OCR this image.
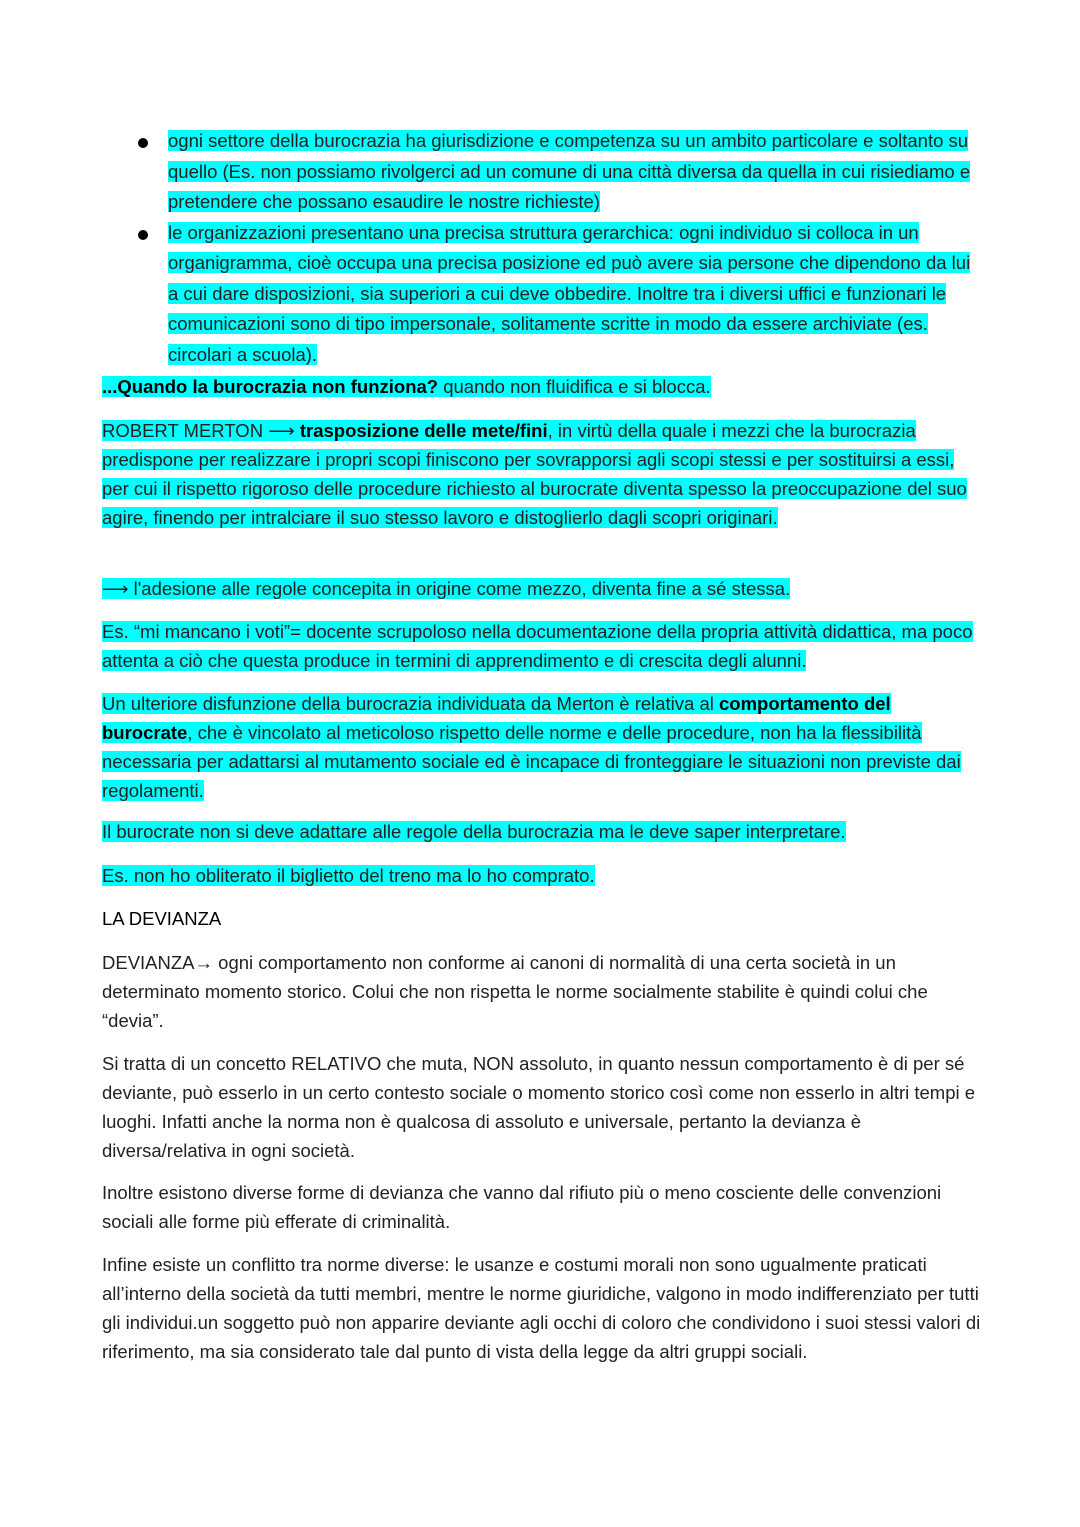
ogni settore della burocrazia ha giurisdizione e competenza su un ambito particolare e soltanto su quello (Es. non possiamo rivolgerci ad un comune di una città diversa da quella in cui risiediamo e pretendere che possano esaudire le nostre richieste)
le organizzazioni presentano una precisa struttura gerarchica: ogni individuo si colloca in un organigramma, cioè occupa una precisa posizione ed può avere sia persone che dipendono da lui a cui dare disposizioni, sia superiori a cui deve obbedire. Inoltre tra i diversi uffici e funzionari le comunicazioni sono di tipo impersonale, solitamente scritte in modo da essere archiviate (es. circolari a scuola).

...Quando la burocrazia non funziona? quando non fluidifica e si blocca.

ROBERT MERTON ⟶ trasposizione delle mete/fini, in virtù della quale i mezzi che la burocrazia predispone per realizzare i propri scopi finiscono per sovrapporsi agli scopi stessi e per sostituirsi a essi, per cui il rispetto rigoroso delle procedure richiesto al burocrate diventa spesso la preoccupazione del suo agire, finendo per intralciare il suo stesso lavoro e distoglierlo dagli scopri originari.

⟶ l'adesione alle regole concepita in origine come mezzo, diventa fine a sé stessa.

Es. “mi mancano i voti”= docente scrupoloso nella documentazione della propria attività didattica, ma poco attenta a ciò che questa produce in termini di apprendimento e di crescita degli alunni.

Un ulteriore disfunzione della burocrazia individuata da Merton è relativa al comportamento del burocrate, che è vincolato al meticoloso rispetto delle norme e delle procedure, non ha la flessibilità necessaria per adattarsi al mutamento sociale ed è incapace di fronteggiare le situazioni non previste dai regolamenti.

Il burocrate non si deve adattare alle regole della burocrazia ma le deve saper interpretare.

Es. non ho obliterato il biglietto del treno ma lo ho comprato.

LA DEVIANZA

DEVIANZA→ ogni comportamento non conforme ai canoni di normalità di una certa società in un determinato momento storico. Colui che non rispetta le norme socialmente stabilite è quindi colui che “devia”.

Si tratta di un concetto RELATIVO che muta, NON assoluto, in quanto nessun comportamento è di per sé deviante, può esserlo in un certo contesto sociale o momento storico così come non esserlo in altri tempi e luoghi. Infatti anche la norma non è qualcosa di assoluto e universale, pertanto la devianza è diversa/relativa in ogni società.

Inoltre esistono diverse forme di devianza che vanno dal rifiuto più o meno cosciente delle convenzioni sociali alle forme più efferate di criminalità.

Infine esiste un conflitto tra norme diverse: le usanze e costumi morali non sono ugualmente praticati all’interno della società da tutti membri, mentre le norme giuridiche, valgono in modo indifferenziato per tutti gli individui.un soggetto può non apparire deviante agli occhi di coloro che condividono i suoi stessi valori di riferimento, ma sia considerato tale dal punto di vista della legge da altri gruppi sociali.
